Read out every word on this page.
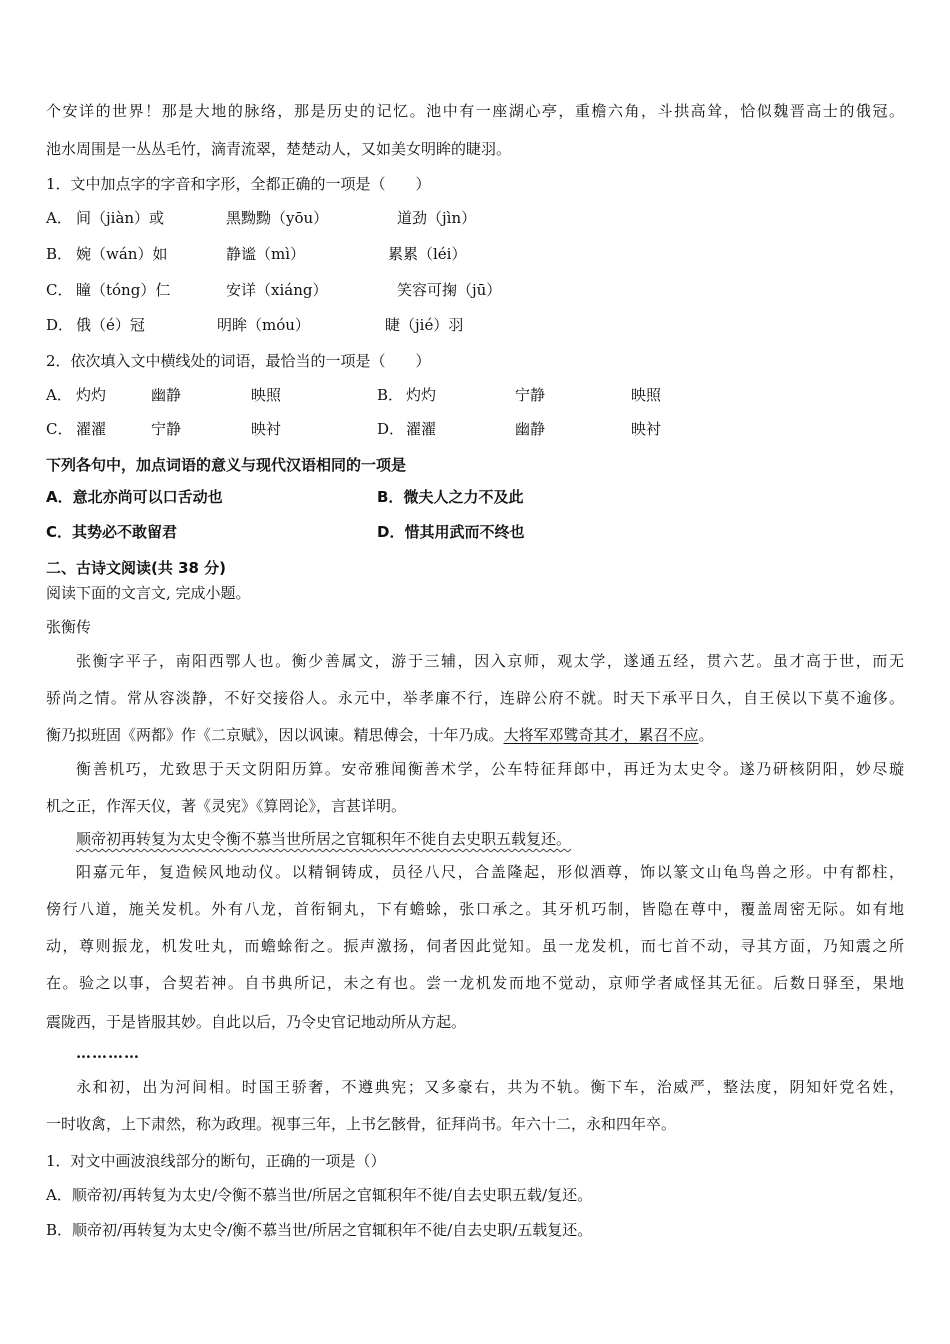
个安详的世界！那是大地的脉络，那是历史的记忆。池中有一座湖心亭，重檐六角，斗拱高耸，恰似魏晋高士的俄冠。
池水周围是一丛丛毛竹，滴青流翠，楚楚动人，又如美女明眸的睫羽。
1．文中加点字的字音和字形，全都正确的一项是（　　）
A． 间（jiàn）或	黑黝黝（yōu）	道劲（jìn）
B． 婉（wán）如	静谧（mì）	累累（léi）
C． 瞳（tóng）仁	安详（xiáng）	笑容可掬（jū）
D． 俄（é）冠	明眸（móu）	睫（jié）羽
2．依次填入文中横线处的词语，最恰当的一项是（　　）
A． 灼灼	幽静	映照	B． 灼灼	宁静	映照
C． 濯濯	宁静	映衬	D． 濯濯	幽静	映衬
下列各句中，加点词语的意义与现代汉语相同的一项是
A．意北亦尚可以口舌动也	B．微夫人之力不及此
C．其势必不敢留君	D．惜其用武而不终也
二、古诗文阅读(共 38 分)
阅读下面的文言文, 完成小题。
张衡传
张衡字平子，南阳西鄂人也。衡少善属文，游于三辅，因入京师，观太学，遂通五经，贯六艺。虽才高于世，而无
骄尚之情。常从容淡静，不好交接俗人。永元中，举孝廉不行，连辟公府不就。时天下承平日久，自王侯以下莫不逾侈。
衡乃拟班固《两都》作《二京赋》，因以讽谏。精思傅会，十年乃成。大将军邓骘奇其才，累召不应。
衡善机巧，尤致思于天文阴阳历算。安帝雅闻衡善术学，公车特征拜郎中，再迁为太史令。遂乃研核阴阳，妙尽璇
机之正，作浑天仪，著《灵宪》《算罔论》，言甚详明。
顺帝初再转复为太史令衡不慕当世所居之官辄积年不徙自去史职五载复还。
阳嘉元年，复造候风地动仪。以精铜铸成，员径八尺，合盖隆起，形似酒尊，饰以篆文山龟鸟兽之形。中有都柱，
傍行八道，施关发机。外有八龙，首衔铜丸，下有蟾蜍，张口承之。其牙机巧制，皆隐在尊中，覆盖周密无际。如有地
动，尊则振龙，机发吐丸，而蟾蜍衔之。振声激扬，伺者因此觉知。虽一龙发机，而七首不动，寻其方面，乃知震之所
在。验之以事，合契若神。自书典所记，未之有也。尝一龙机发而地不觉动，京师学者咸怪其无征。后数日驿至，果地
震陇西，于是皆服其妙。自此以后，乃令史官记地动所从方起。
…………
永和初，出为河间相。时国王骄奢，不遵典宪；又多豪右，共为不轨。衡下车，治威严，整法度，阴知奸党名姓，
一时收禽，上下肃然，称为政理。视事三年，上书乞骸骨，征拜尚书。年六十二，永和四年卒。
1．对文中画波浪线部分的断句，正确的一项是（）
A．顺帝初/再转复为太史/令衡不慕当世/所居之官辄积年不徙/自去史职五载/复还。
B．顺帝初/再转复为太史令/衡不慕当世/所居之官辄积年不徙/自去史职/五载复还。
